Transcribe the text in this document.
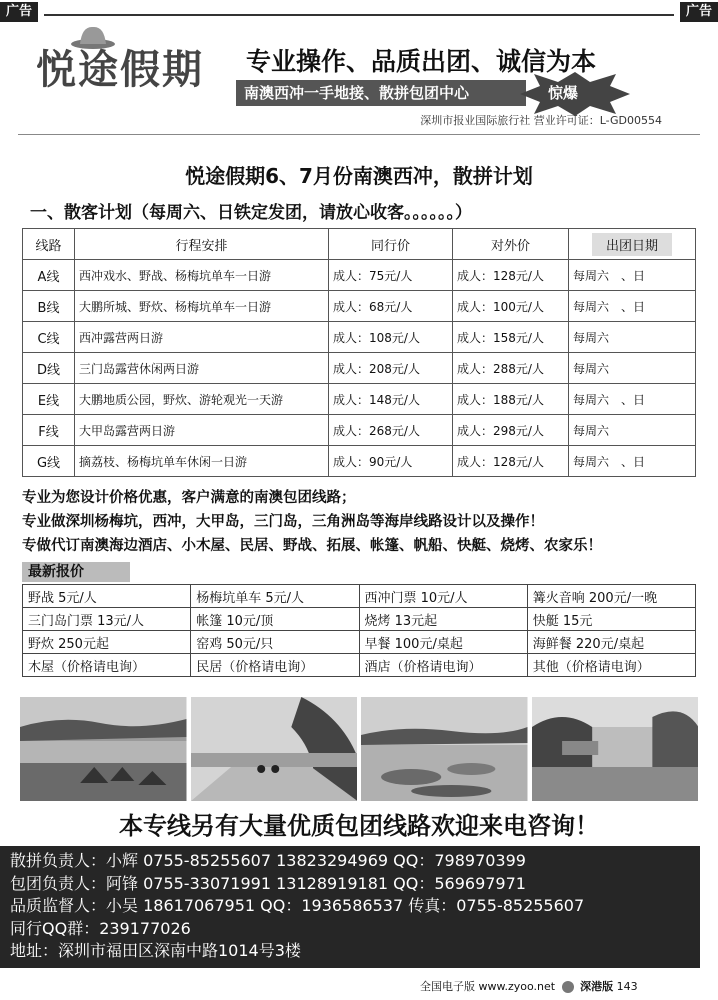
广告	广告
悦途假期 专业操作、品质出团、诚信为本
南澳西冲一手地接、散拼包团中心	惊爆
深圳市报业国际旅行社 营业许可证：L-GD00554
悦途假期6、7月份南澳西冲，散拼计划
一、散客计划（每周六、日铁定发团，请放心收客。。。。。。）
线路	行程安排	同行价	对外价	出团日期
A线	西冲戏水、野战、杨梅坑单车一日游	成人：75元/人	成人：128元/人	每周六　、日
B线	大鹏所城、野炊、杨梅坑单车一日游	成人：68元/人	成人：100元/人	每周六　、日
C线	西冲露营两日游	成人：108元/人	成人：158元/人	每周六
D线	三门岛露营休闲两日游	成人：208元/人	成人：288元/人	每周六
E线	大鹏地质公园，野炊、游轮观光一天游	成人：148元/人	成人：188元/人	每周六　、日
F线	大甲岛露营两日游	成人：268元/人	成人：298元/人	每周六
G线	摘荔枝、杨梅坑单车休闲一日游	成人：90元/人	成人：128元/人	每周六　、日
专业为您设计价格优惠，客户满意的南澳包团线路；
专业做深圳杨梅坑，西冲，大甲岛，三门岛，三角洲岛等海岸线路设计以及操作！
专做代订南澳海边酒店、小木屋、民居、野战、拓展、帐篷、帆船、快艇、烧烤、农家乐！
最新报价
野战 5元/人	杨梅坑单车 5元/人	西冲门票 10元/人	篝火音响 200元/一晚
三门岛门票 13元/人	帐篷 10元/顶	烧烤 13元起	快艇 15元
野炊 250元起	窑鸡 50元/只	早餐 100元/桌起	海鲜餐 220元/桌起
木屋（价格请电询）	民居（价格请电询）	酒店（价格请电询）	其他（价格请电询）
本专线另有大量优质包团线路欢迎来电咨询！
散拼负责人：小辉 0755-85255607 13823294969 QQ：798970399
包团负责人：阿锋 0755-33071991 13128919181 QQ：569697971
品质监督人：小吴 18617067951 QQ：1936586537 传真：0755-85255607
同行QQ群：239177026
地址：深圳市福田区深南中路1014号3楼
全国电子版 www.zyoo.net 深港版 143
